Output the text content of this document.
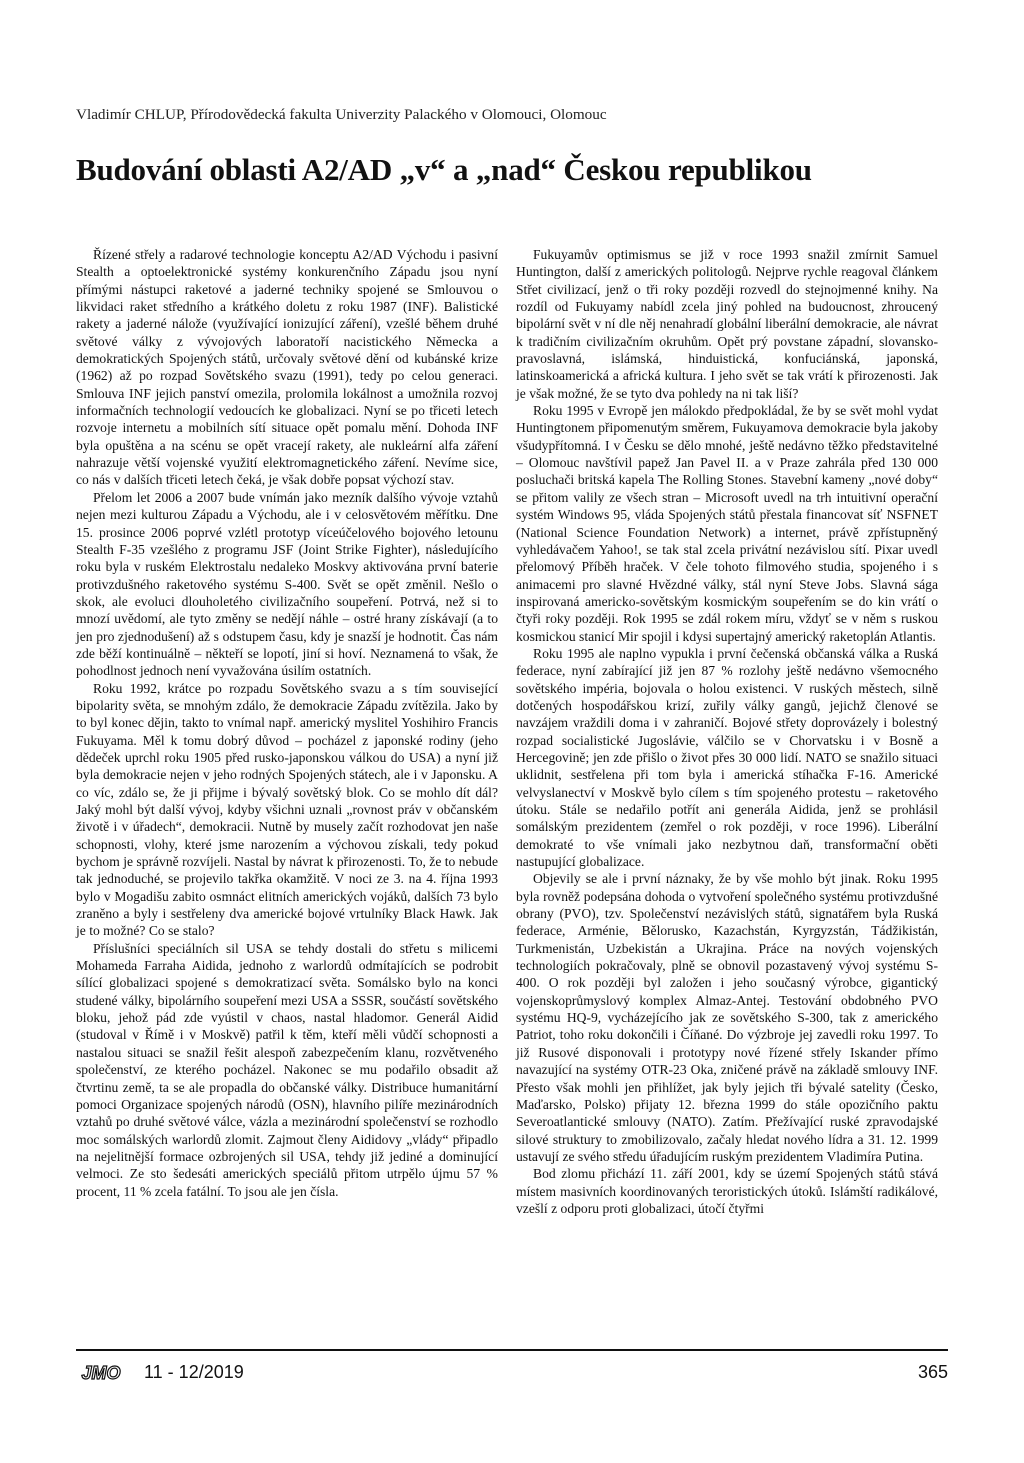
Vladimír CHLUP, Přírodovědecká fakulta Univerzity Palackého v Olomouci, Olomouc
Budování oblasti A2/AD „v“ a „nad“ Českou republikou

Řízené střely a radarové technologie konceptu A2/AD Východu i pasivní Stealth a optoelektronické systémy konkurenčního Západu jsou nyní přímými nástupci raketové a jaderné techniky spojené se Smlouvou o likvidaci raket středního a krátkého doletu z roku 1987 (INF). Balistické rakety a jaderné nálože (využívající ionizující záření), vzešlé během druhé světové války z vývojových laboratoří nacistického Německa a demokratických Spojených států, určovaly světové dění od kubánské krize (1962) až po rozpad Sovětského svazu (1991), tedy po celou generaci. Smlouva INF jejich panství omezila, prolomila lokálnost a umožnila rozvoj informačních technologií vedoucích ke globalizaci. Nyní se po třiceti letech rozvoje internetu a mobilních sítí situace opět pomalu mění. Dohoda INF byla opuštěna a na scénu se opět vracejí rakety, ale nukleární alfa záření nahrazuje větší vojenské využití elektromagnetického záření. Nevíme sice, co nás v dalších třiceti letech čeká, je však dobře popsat výchozí stav.

Přelom let 2006 a 2007 bude vnímán jako mezník dalšího vývoje vztahů nejen mezi kulturou Západu a Východu, ale i v celosvětovém měřítku. Dne 15. prosince 2006 poprvé vzlétl prototyp víceúčelového bojového letounu Stealth F-35 vzešlého z programu JSF (Joint Strike Fighter), následujícího roku byla v ruském Elektrostalu nedaleko Moskvy aktivována první baterie protivzdušného raketového systému S-400. Svět se opět změnil. Nešlo o skok, ale evoluci dlouholetého civilizačního soupeření. Potrvá, než si to mnozí uvědomí, ale tyto změny se nedějí náhle – ostré hrany získávají (a to jen pro zjednodušení) až s odstupem času, kdy je snazší je hodnotit. Čas nám zde běží kontinuálně – někteří se lopotí, jiní si hoví. Neznamená to však, že pohodlnost jednoch není vyvažována úsilím ostatních.

Roku 1992, krátce po rozpadu Sovětského svazu a s tím související bipolarity světa, se mnohým zdálo, že demokracie Západu zvítězila. Jako by to byl konec dějin, takto to vnímal např. americký myslitel Yoshihiro Francis Fukuyama. Měl k tomu dobrý důvod – pocházel z japonské rodiny (jeho dědeček uprchl roku 1905 před rusko-japonskou válkou do USA) a nyní již byla demokracie nejen v jeho rodných Spojených státech, ale i v Japonsku. A co víc, zdálo se, že ji přijme i bývalý sovětský blok. Co se mohlo dít dál? Jaký mohl být další vývoj, kdyby všichni uznali „rovnost práv v občanském životě i v úřadech“, demokracii. Nutně by musely začít rozhodovat jen naše schopnosti, vlohy, které jsme narozením a výchovou získali, tedy pokud bychom je správně rozvíjeli. Nastal by návrat k přirozenosti. To, že to nebude tak jednoduché, se projevilo takřka okamžitě. V noci ze 3. na 4. října 1993 bylo v Mogadišu zabito osmnáct elitních amerických vojáků, dalších 73 bylo zraněno a byly i sestřeleny dva americké bojové vrtulníky Black Hawk. Jak je to možné? Co se stalo?

Příslušníci speciálních sil USA se tehdy dostali do střetu s milicemi Mohameda Farraha Aidida, jednoho z warlordů odmítajících se podrobit sílící globalizaci spojené s demokratizací světa. Somálsko bylo na konci studené války, bipolárního soupeření mezi USA a SSSR, součástí sovětského bloku, jehož pád zde vyústil v chaos, nastal hladomor. Generál Aidid (studoval v Římě i v Moskvě) patřil k těm, kteří měli vůdčí schopnosti a nastalou situaci se snažil řešit alespoň zabezpečením klanu, rozvětveného společenství, ze kterého pocházel. Nakonec se mu podařilo obsadit až čtvrtinu země, ta se ale propadla do občanské války. Distribuce humanitární pomoci Organizace spojených národů (OSN), hlavního pilíře mezinárodních vztahů po druhé světové válce, vázla a mezinárodní společenství se rozhodlo moc somálských warlordů zlomit. Zajmout členy Aididovy „vlády“ připadlo na nejelitnější formace ozbrojených sil USA, tehdy již jediné a dominující velmoci. Ze sto šedesáti amerických speciálů přitom utrpělo újmu 57 % procent, 11 % zcela fatální. To jsou ale jen čísla.

Fukuyamův optimismus se již v roce 1993 snažil zmírnit Samuel Huntington, další z amerických politologů. Nejprve rychle reagoval článkem Střet civilizací, jenž o tři roky později rozvedl do stejnojmenné knihy. Na rozdíl od Fukuyamy nabídl zcela jiný pohled na budoucnost, zhroucený bipolární svět v ní dle něj nenahradí globální liberální demokracie, ale návrat k tradičním civilizačním okruhům. Opět prý povstane západní, slovansko-pravoslavná, islámská, hinduistická, konfuciánská, japonská, latinskoamerická a africká kultura. I jeho svět se tak vrátí k přirozenosti. Jak je však možné, že se tyto dva pohledy na ni tak liší?

Roku 1995 v Evropě jen málokdo předpokládal, že by se svět mohl vydat Huntingtonem připomenutým směrem, Fukuyamova demokracie byla jakoby všudypřítomná. I v Česku se dělo mnohé, ještě nedávno těžko představitelné – Olomouc navštívil papež Jan Pavel II. a v Praze zahrála před 130 000 posluchači britská kapela The Rolling Stones. Stavební kameny „nové doby“ se přitom valily ze všech stran – Microsoft uvedl na trh intuitivní operační systém Windows 95, vláda Spojených států přestala financovat síť NSFNET (National Science Foundation Network) a internet, právě zpřístupněný vyhledávačem Yahoo!, se tak stal zcela privátní nezávislou sítí. Pixar uvedl přelomový Příběh hraček. V čele tohoto filmového studia, spojeného i s animacemi pro slavné Hvězdné války, stál nyní Steve Jobs. Slavná sága inspirovaná americko-sovětským kosmickým soupeřením se do kin vrátí o čtyři roky později. Rok 1995 se zdál rokem míru, vždyť se v něm s ruskou kosmickou stanicí Mir spojil i kdysi supertajný americký raketoplán Atlantis.

Roku 1995 ale naplno vypukla i první čečenská občanská válka a Ruská federace, nyní zabírající již jen 87 % rozlohy ještě nedávno všemocného sovětského impéria, bojovala o holou existenci. V ruských městech, silně dotčených hospodářskou krizí, zuřily války gangů, jejichž členové se navzájem vraždili doma i v zahraničí. Bojové střety doprovázely i bolestný rozpad socialistické Jugoslávie, válčilo se v Chorvatsku i v Bosně a Hercegovině; jen zde přišlo o život přes 30 000 lidí. NATO se snažilo situaci uklidnit, sestřelena při tom byla i americká stíhačka F-16. Americké velvyslanectví v Moskvě bylo cílem s tím spojeného protestu – raketového útoku. Stále se nedařilo potřít ani generála Aidida, jenž se prohlásil somálským prezidentem (zemřel o rok později, v roce 1996). Liberální demokraté to vše vnímali jako nezbytnou daň, transformační oběti nastupující globalizace.

Objevily se ale i první náznaky, že by vše mohlo být jinak. Roku 1995 byla rovněž podepsána dohoda o vytvoření společného systému protivzdušné obrany (PVO), tzv. Společenství nezávislých států, signatářem byla Ruská federace, Arménie, Bělorusko, Kazachstán, Kyrgyzstán, Tádžikistán, Turkmenistán, Uzbekistán a Ukrajina. Práce na nových vojenských technologiích pokračovaly, plně se obnovil pozastavený vývoj systému S-400. O rok později byl založen i jeho současný výrobce, gigantický vojenskoprůmyslový komplex Almaz-Antej. Testování obdobného PVO systému HQ-9, vycházejícího jak ze sovětského S-300, tak z amerického Patriot, toho roku dokončili i Číňané. Do výzbroje jej zavedli roku 1997. To již Rusové disponovali i prototypy nové řízené střely Iskander přímo navazující na systémy OTR-23 Oka, zničené právě na základě smlouvy INF. Přesto však mohli jen přihlížet, jak byly jejich tři bývalé satelity (Česko, Maďarsko, Polsko) přijaty 12. března 1999 do stále opozičního paktu Severoatlantické smlouvy (NATO). Zatím. Přežívající ruské zpravodajské silové struktury to zmobilizovalo, začaly hledat nového lídra a 31. 12. 1999 ustavují ze svého středu úřadujícím ruským prezidentem Vladimíra Putina.

Bod zlomu přichází 11. září 2001, kdy se území Spojených států stává místem masivních koordinovaných teroristických útoků. Islámští radikálové, vzešlí z odporu proti globalizaci, útočí čtyřmi

JMO 11 - 12/2019	365
